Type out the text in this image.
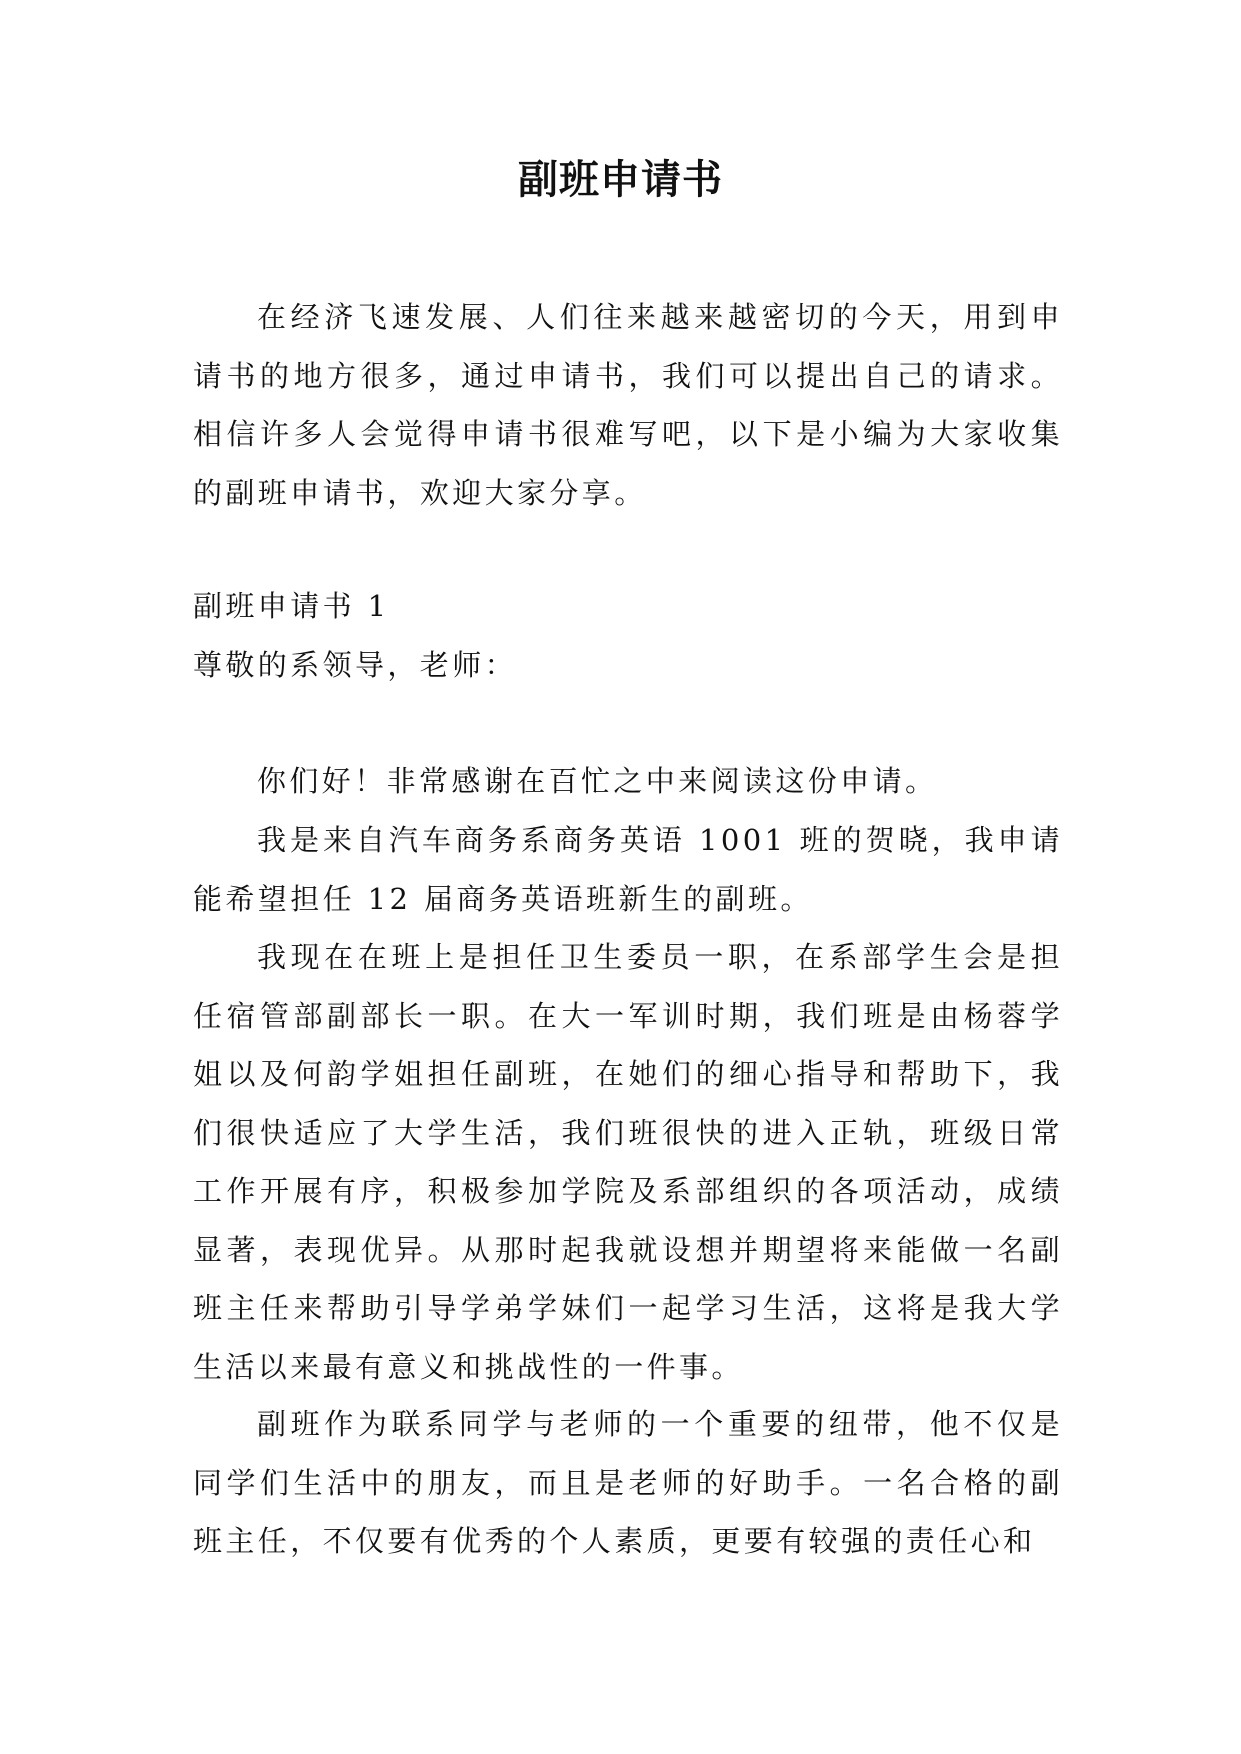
副班申请书

在经济飞速发展、人们往来越来越密切的今天，用到申请书的地方很多，通过申请书，我们可以提出自己的请求。相信许多人会觉得申请书很难写吧，以下是小编为大家收集的副班申请书，欢迎大家分享。

副班申请书 1

尊敬的系领导，老师：

你们好！非常感谢在百忙之中来阅读这份申请。

我是来自汽车商务系商务英语 1001 班的贺晓，我申请能希望担任 12 届商务英语班新生的副班。

我现在在班上是担任卫生委员一职，在系部学生会是担任宿管部副部长一职。在大一军训时期，我们班是由杨蓉学姐以及何韵学姐担任副班，在她们的细心指导和帮助下，我们很快适应了大学生活，我们班很快的进入正轨，班级日常工作开展有序，积极参加学院及系部组织的各项活动，成绩显著，表现优异。从那时起我就设想并期望将来能做一名副班主任来帮助引导学弟学妹们一起学习生活，这将是我大学生活以来最有意义和挑战性的一件事。

副班作为联系同学与老师的一个重要的纽带，他不仅是同学们生活中的朋友，而且是老师的好助手。一名合格的副班主任，不仅要有优秀的个人素质，更要有较强的责任心和
